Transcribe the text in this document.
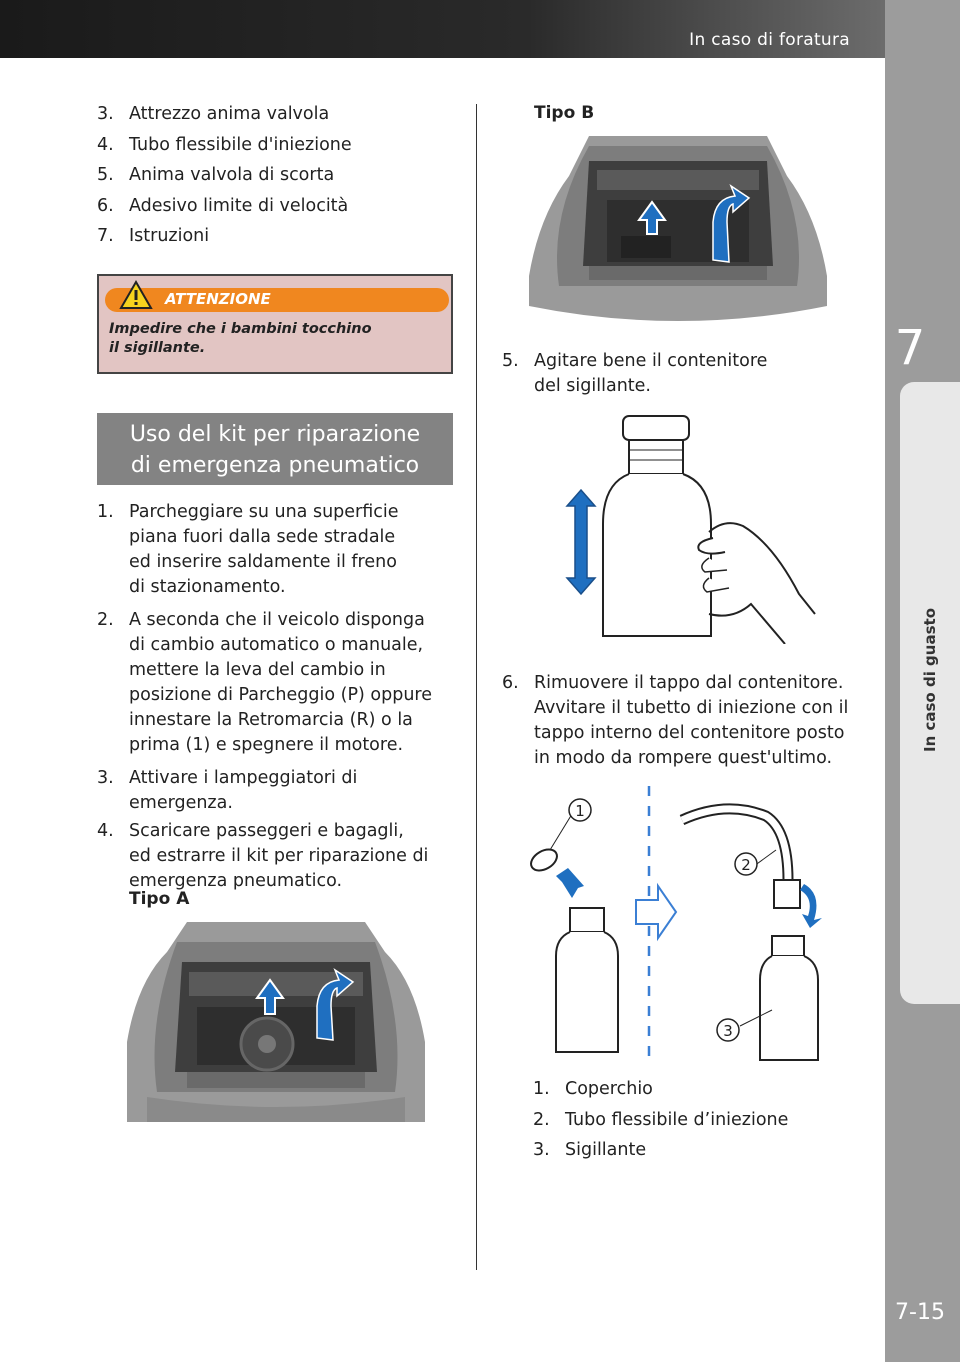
In caso di foratura
7
In caso di guasto
7-15
3. Attrezzo anima valvola
4. Tubo flessibile d'iniezione
5. Anima valvola di scorta
6. Adesivo limite di velocità
7. Istruzioni
ATTENZIONE
Impedire che i bambini tocchino
il sigillante.
Uso del kit per riparazione
di emergenza pneumatico
1. Parcheggiare su una superficie
piana fuori dalla sede stradale
ed inserire saldamente il freno
di stazionamento.
2. A seconda che il veicolo disponga
di cambio automatico o manuale,
mettere la leva del cambio in
posizione di Parcheggio (P) oppure
innestare la Retromarcia (R) o la
prima (1) e spegnere il motore.
3. Attivare i lampeggiatori di
emergenza.
4. Scaricare passeggeri e bagagli,
ed estrarre il kit per riparazione di
emergenza pneumatico.
Tipo A
Tipo B
5. Agitare bene il contenitore
del sigillante.
6. Rimuovere il tappo dal contenitore.
Avvitare il tubetto di iniezione con il
tappo interno del contenitore posto
in modo da rompere quest'ultimo.
1
2
3
1. Coperchio
2. Tubo flessibile d’iniezione
3. Sigillante
